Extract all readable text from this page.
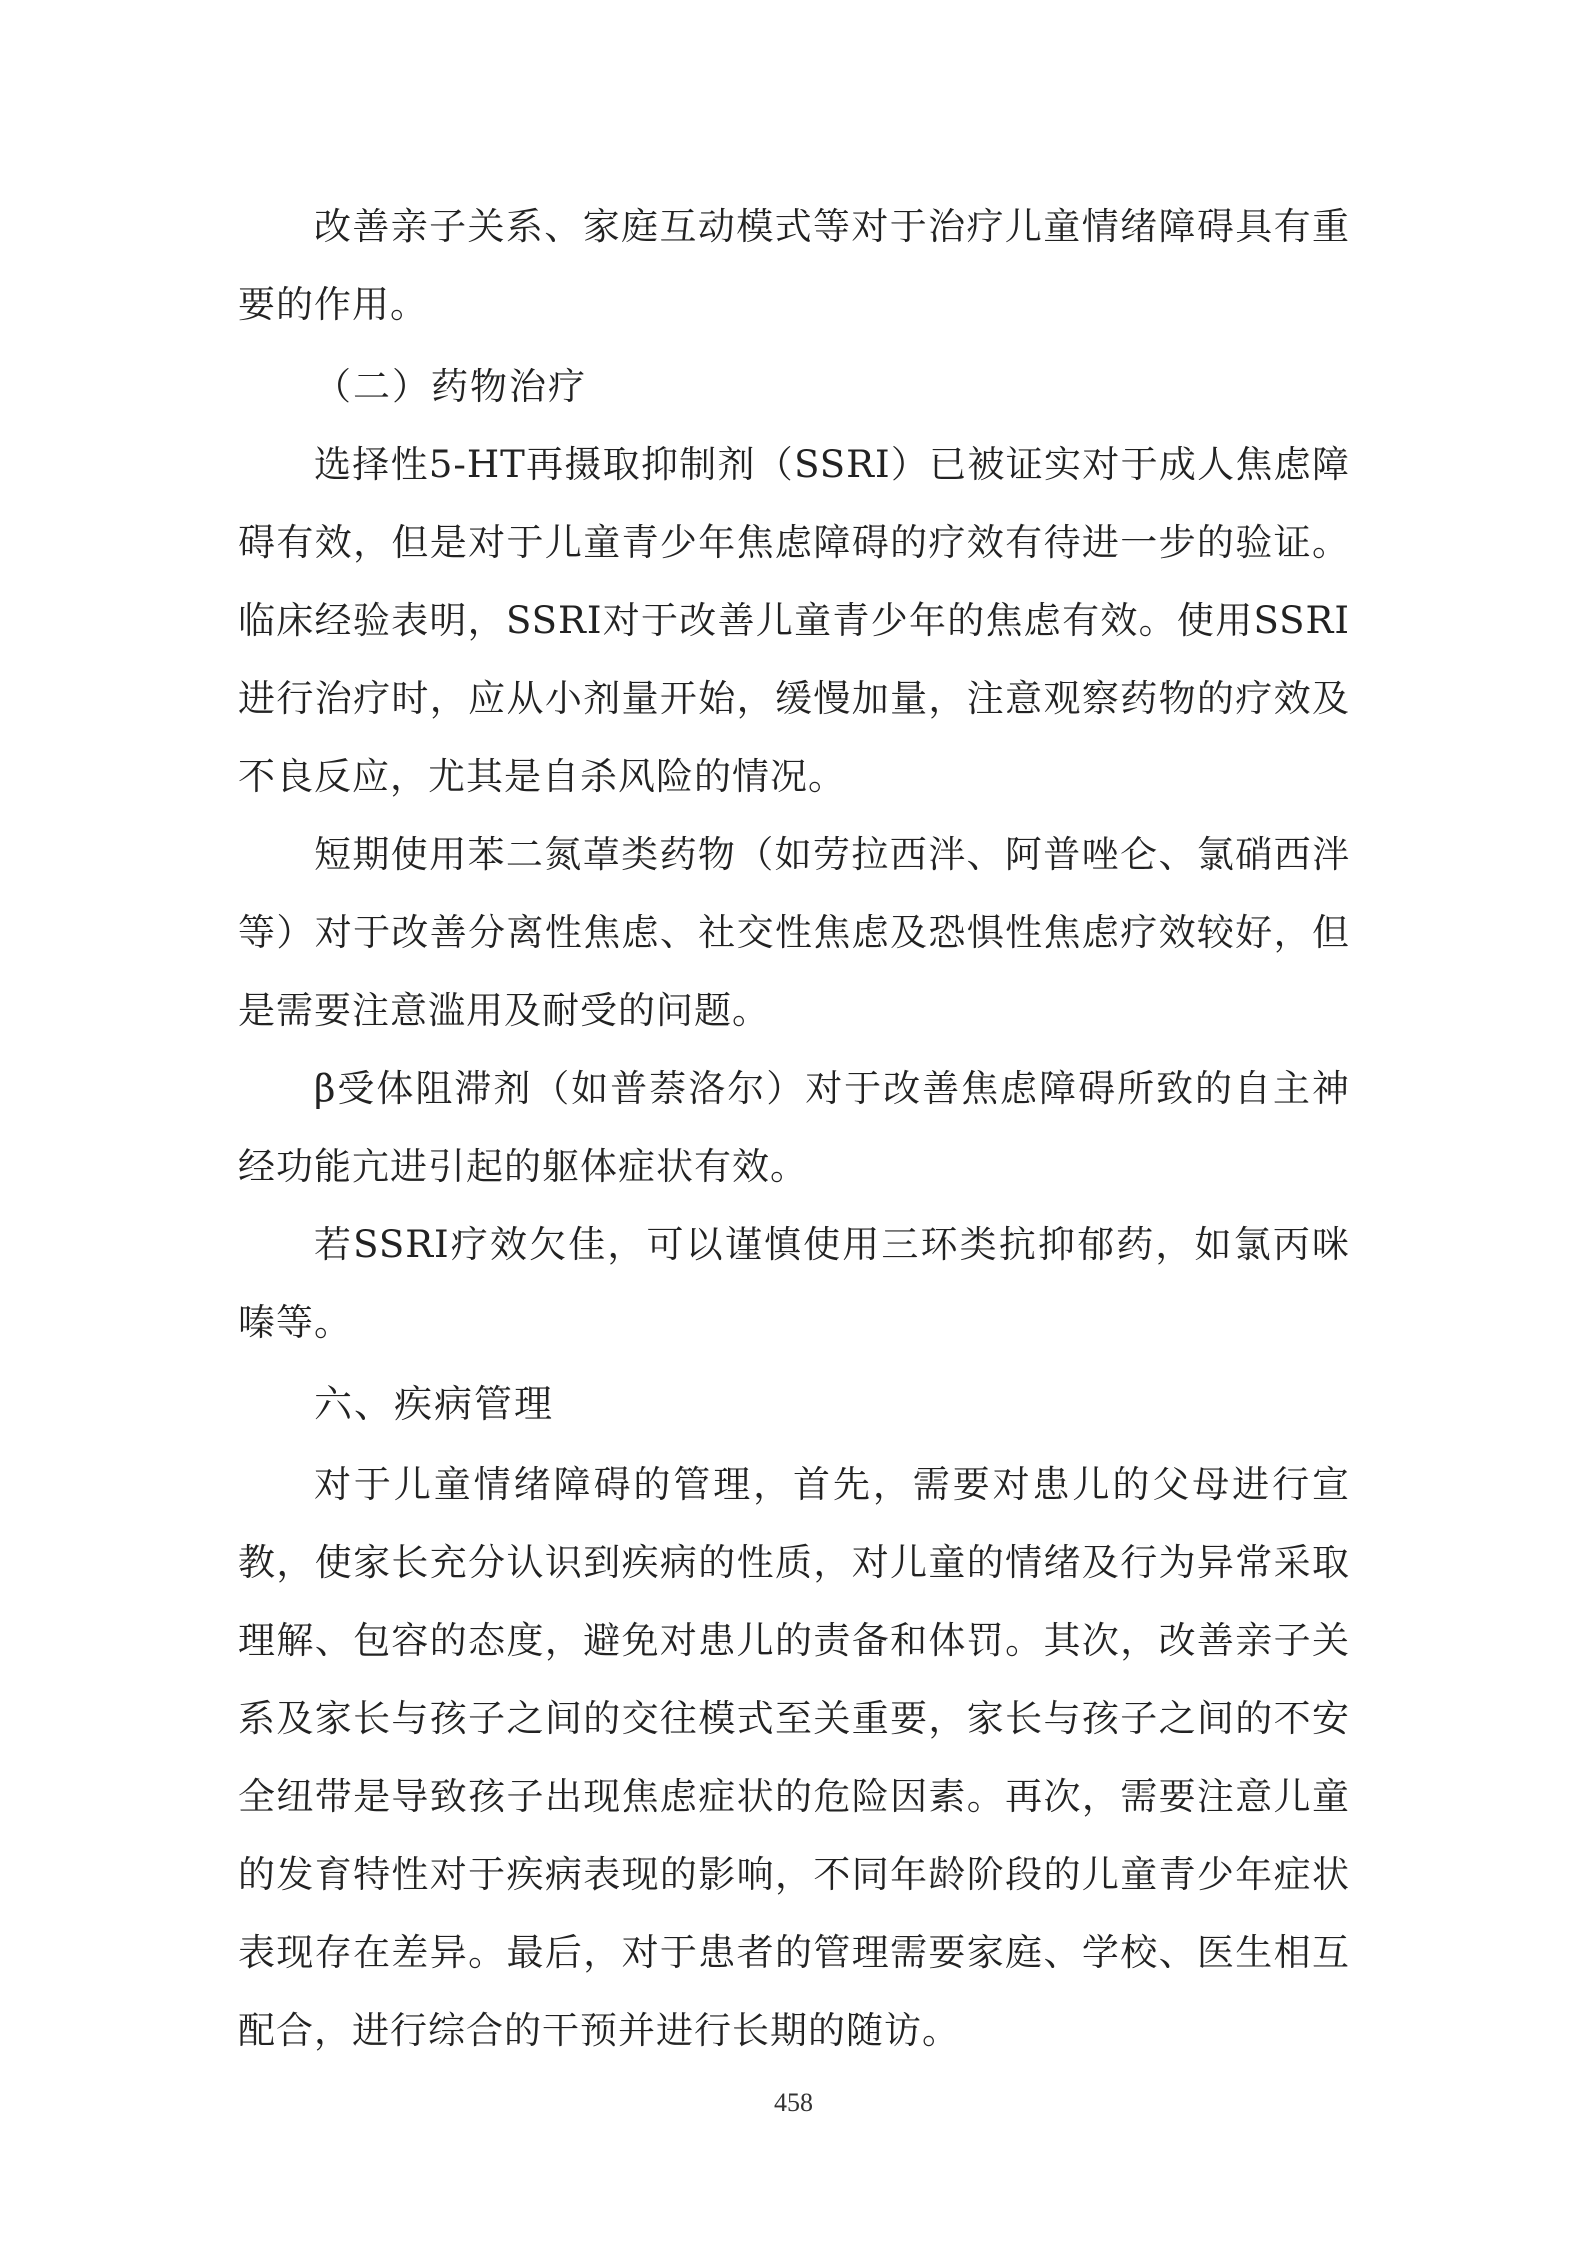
改善亲子关系、家庭互动模式等对于治疗儿童情绪障碍具有重要的作用。

（二）药物治疗

选择性5-HT再摄取抑制剂（SSRI）已被证实对于成人焦虑障碍有效，但是对于儿童青少年焦虑障碍的疗效有待进一步的验证。临床经验表明，SSRI对于改善儿童青少年的焦虑有效。使用SSRI进行治疗时，应从小剂量开始，缓慢加量，注意观察药物的疗效及不良反应，尤其是自杀风险的情况。

短期使用苯二氮䓬类药物（如劳拉西泮、阿普唑仑、氯硝西泮等）对于改善分离性焦虑、社交性焦虑及恐惧性焦虑疗效较好，但是需要注意滥用及耐受的问题。

β受体阻滞剂（如普萘洛尔）对于改善焦虑障碍所致的自主神经功能亢进引起的躯体症状有效。

若SSRI疗效欠佳，可以谨慎使用三环类抗抑郁药，如氯丙咪嗪等。

六、疾病管理

对于儿童情绪障碍的管理，首先，需要对患儿的父母进行宣教，使家长充分认识到疾病的性质，对儿童的情绪及行为异常采取理解、包容的态度，避免对患儿的责备和体罚。其次，改善亲子关系及家长与孩子之间的交往模式至关重要，家长与孩子之间的不安全纽带是导致孩子出现焦虑症状的危险因素。再次，需要注意儿童的发育特性对于疾病表现的影响，不同年龄阶段的儿童青少年症状表现存在差异。最后，对于患者的管理需要家庭、学校、医生相互配合，进行综合的干预并进行长期的随访。

458
